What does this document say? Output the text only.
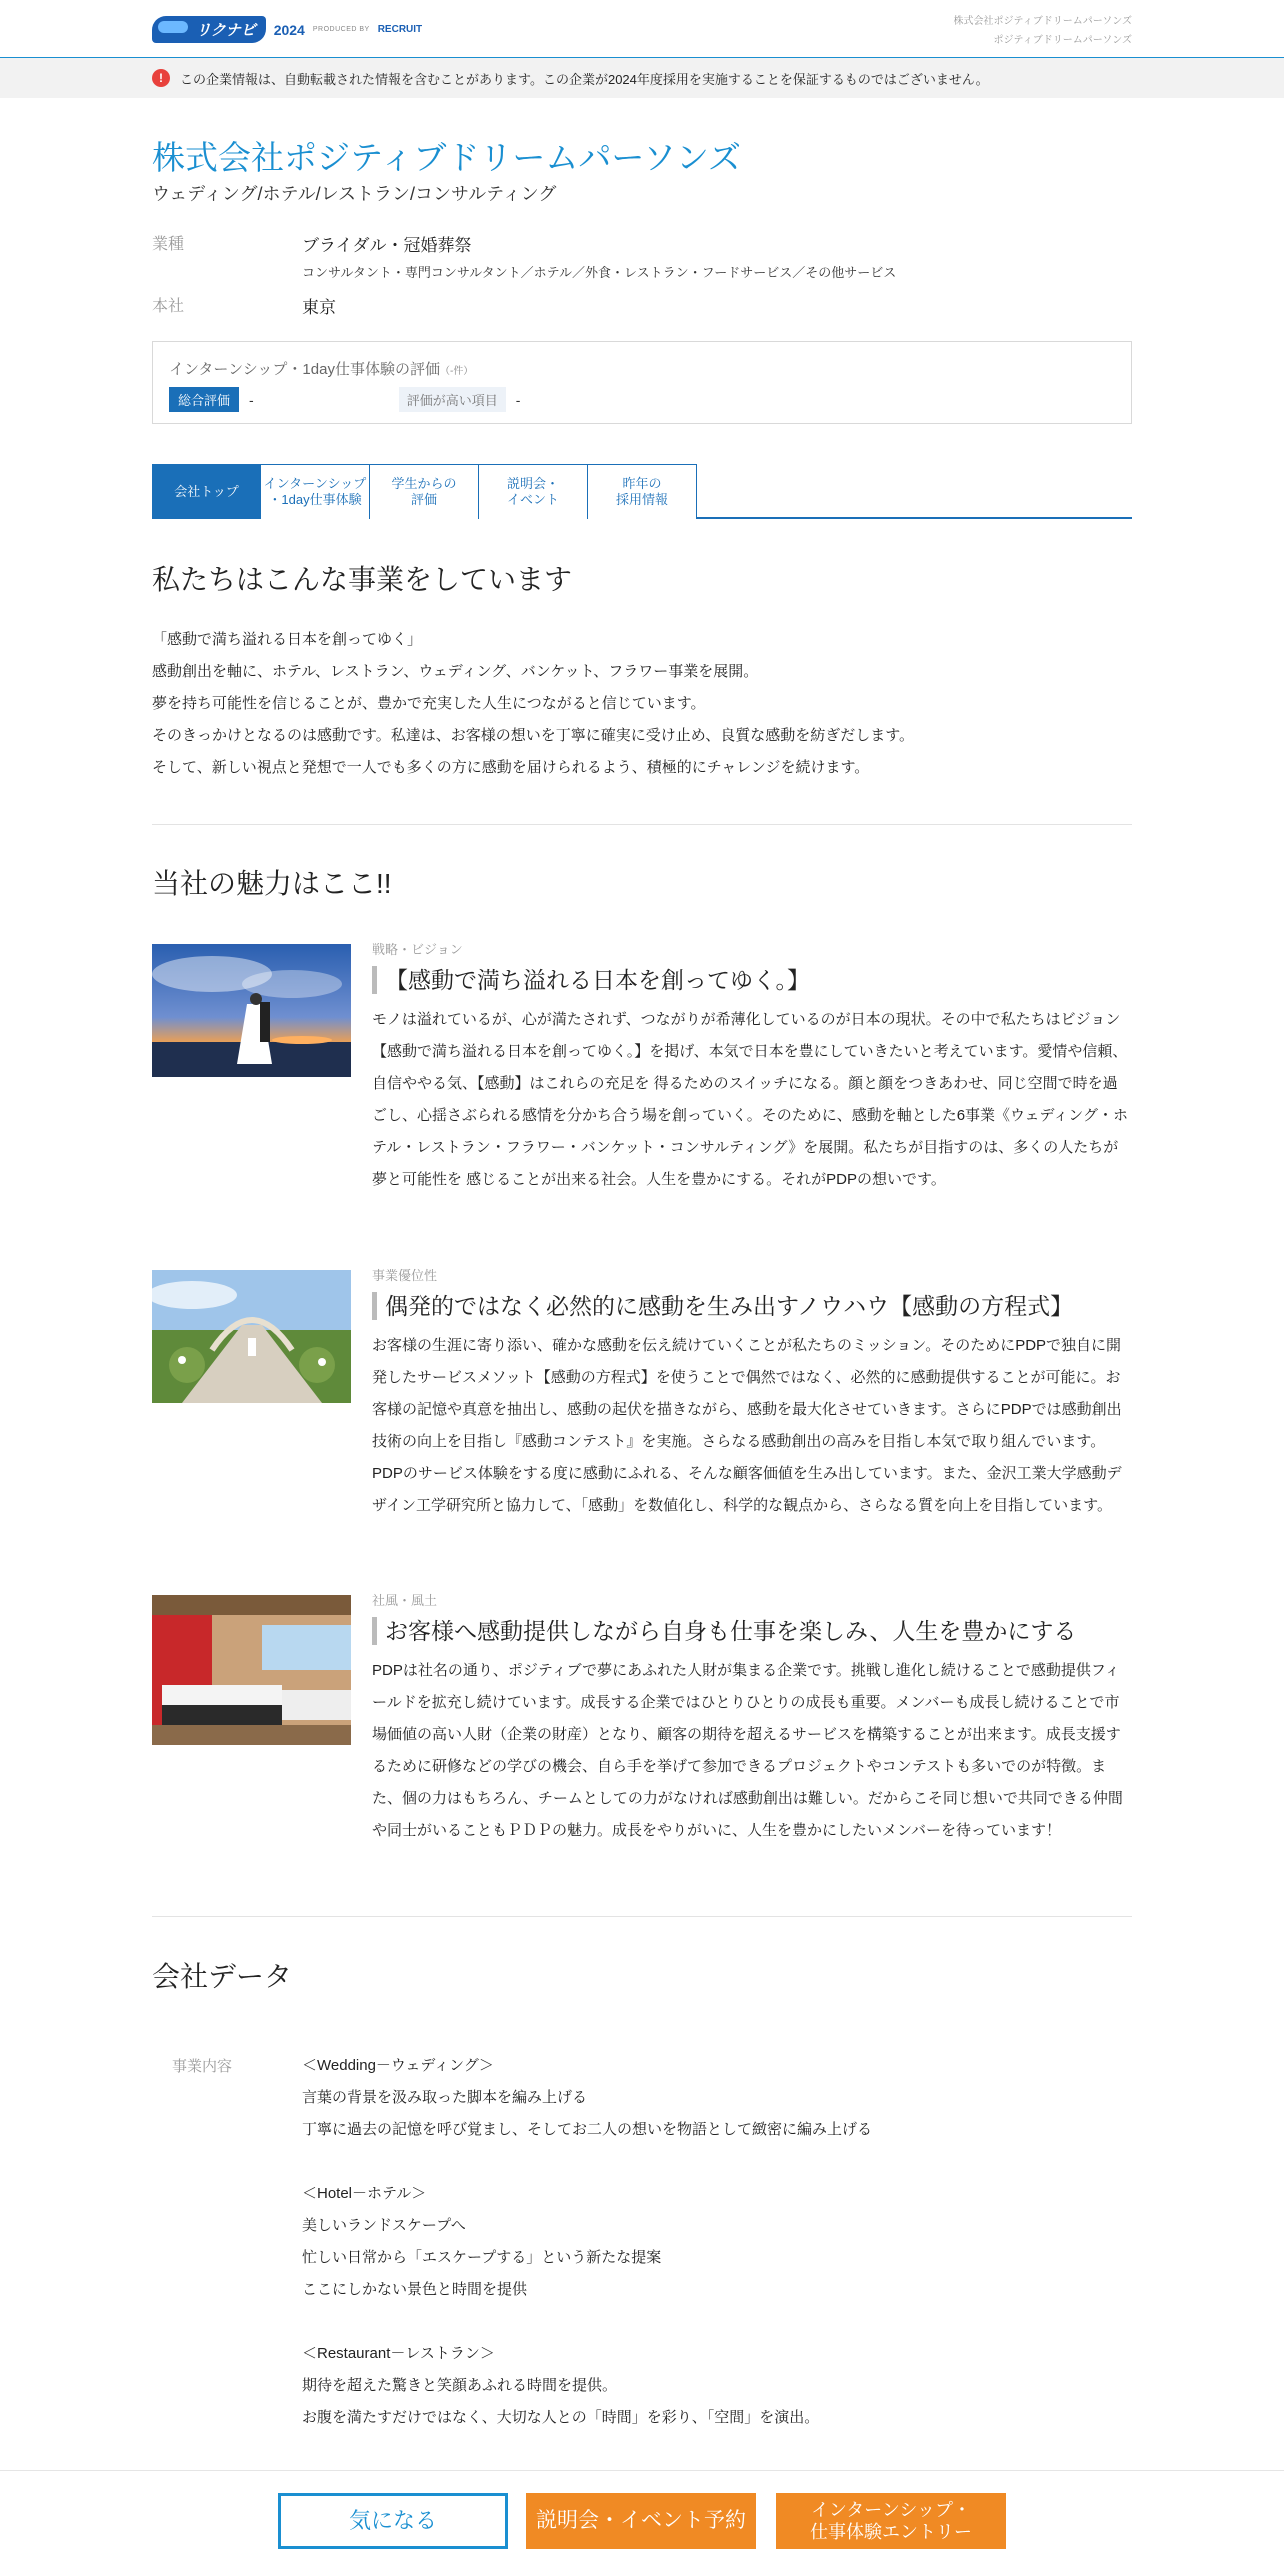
リクナビ	2024 PRODUCED BY RECRUIT
株式会社ポジティブドリームパーソンズ
ポジティブドリームパーソンズ
!	この企業情報は、自動転載された情報を含むことがあります。この企業が2024年度採用を実施することを保証するものではございません。
株式会社ポジティブドリームパーソンズ
ウェディング/ホテル/レストラン/コンサルティング
業種	ブライダル・冠婚葬祭
コンサルタント・専門コンサルタント／ホテル／外食・レストラン・フードサービス／その他サービス
本社	東京
インターンシップ・1day仕事体験の評価（-件）
総合評価	-	評価が高い項目	-
会社トップ
インターンシップ
・1day仕事体験
学生からの
評価
説明会・
イベント
昨年の
採用情報
私たちはこんな事業をしています
「感動で満ち溢れる日本を創ってゆく」
感動創出を軸に、ホテル、レストラン、ウェディング、バンケット、フラワー事業を展開。
夢を持ち可能性を信じることが、豊かで充実した人生につながると信じています。
そのきっかけとなるのは感動です。私達は、お客様の想いを丁寧に確実に受け止め、良質な感動を紡ぎだします。
そして、新しい視点と発想で一人でも多くの方に感動を届けられるよう、積極的にチャレンジを続けます。
当社の魅力はここ!!
戦略・ビジョン
【感動で満ち溢れる日本を創ってゆく。】
モノは溢れているが、心が満たされず、つながりが希薄化しているのが日本の現状。その中で私たちはビジョン【感動で満ち溢れる日本を創ってゆく。】を掲げ、本気で日本を豊にしていきたいと考えています。愛情や信頼、自信ややる気、【感動】はこれらの充足を 得るためのスイッチになる。顔と顔をつきあわせ、同じ空間で時を過ごし、心揺さぶられる感情を分かち合う場を創っていく。そのために、感動を軸とした6事業《ウェディング・ホテル・レストラン・フラワー・バンケット・コンサルティング》を展開。私たちが目指すのは、多くの人たちが夢と可能性を 感じることが出来る社会。人生を豊かにする。それがPDPの想いです。
事業優位性
偶発的ではなく必然的に感動を生み出すノウハウ【感動の方程式】
お客様の生涯に寄り添い、確かな感動を伝え続けていくことが私たちのミッション。そのためにPDPで独自に開発したサービスメソット【感動の方程式】を使うことで偶然ではなく、必然的に感動提供することが可能に。お客様の記憶や真意を抽出し、感動の起伏を描きながら、感動を最大化させていきます。さらにPDPでは感動創出技術の向上を目指し『感動コンテスト』を実施。さらなる感動創出の高みを目指し本気で取り組んでいます。PDPのサービス体験をする度に感動にふれる、そんな顧客価値を生み出しています。また、金沢工業大学感動デザイン工学研究所と協力して、「感動」を数値化し、科学的な観点から、さらなる質を向上を目指しています。
社風・風土
お客様へ感動提供しながら自身も仕事を楽しみ、人生を豊かにする
PDPは社名の通り、ポジティブで夢にあふれた人財が集まる企業です。挑戦し進化し続けることで感動提供フィールドを拡充し続けています。成長する企業ではひとりひとりの成長も重要。メンバーも成長し続けることで市場価値の高い人財（企業の財産）となり、顧客の期待を超えるサービスを構築することが出来ます。成長支援するために研修などの学びの機会、自ら手を挙げて参加できるプロジェクトやコンテストも多いでのが特徴。また、個の力はもちろん、チームとしての力がなければ感動創出は難しい。だからこそ同じ想いで共同できる仲間や同士がいることもＰＤＰの魅力。成長をやりがいに、人生を豊かにしたいメンバーを待っています！
会社データ
事業内容	＜Wedding－ウェディング＞
言葉の背景を汲み取った脚本を編み上げる
丁寧に過去の記憶を呼び覚まし、そしてお二人の想いを物語として緻密に編み上げる
＜Hotel－ホテル＞
美しいランドスケープへ
忙しい日常から「エスケープする」という新たな提案
ここにしかない景色と時間を提供
＜Restaurant－レストラン＞
期待を超えた驚きと笑顔あふれる時間を提供。
お腹を満たすだけではなく、大切な人との「時間」を彩り、「空間」を演出。
気になる	説明会・イベント予約	インターンシップ・
仕事体験エントリー
